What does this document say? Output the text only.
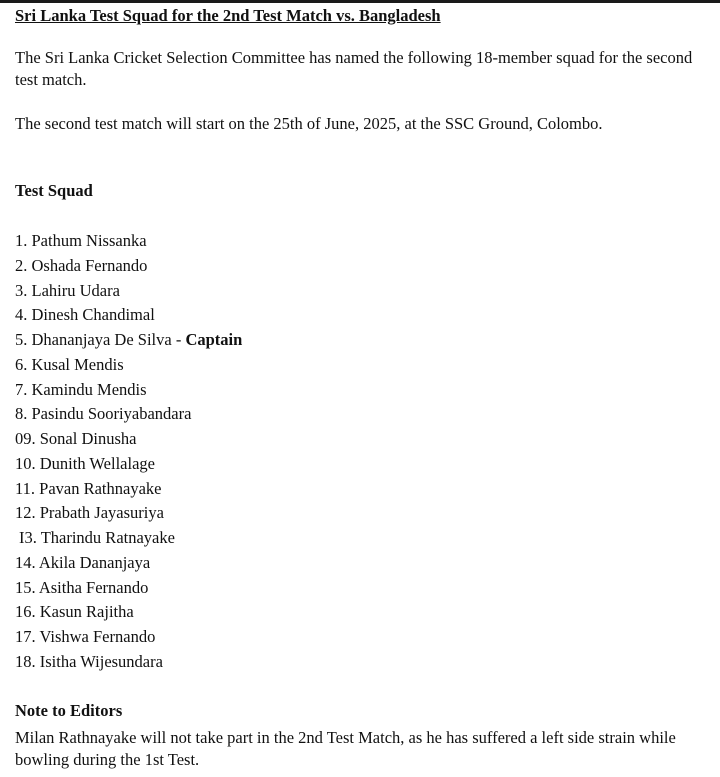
Sri Lanka Test Squad for the 2nd Test Match vs. Bangladesh

The Sri Lanka Cricket Selection Committee has named the following 18-member squad for the second test match.

The second test match will start on the 25th of June, 2025, at the SSC Ground, Colombo.

Test Squad
1. Pathum Nissanka
2. Oshada Fernando
3. Lahiru Udara
4. Dinesh Chandimal
5. Dhananjaya De Silva - Captain
6. Kusal Mendis
7. Kamindu Mendis
8. Pasindu Sooriyabandara
09. Sonal Dinusha
10. Dunith Wellalage
11. Pavan Rathnayake
12. Prabath Jayasuriya
I3. Tharindu Ratnayake
14. Akila Dananjaya
15. Asitha Fernando
16. Kasun Rajitha
17. Vishwa Fernando
18. Isitha Wijesundara
Note to Editors

Milan Rathnayake will not take part in the 2nd Test Match, as he has suffered a left side strain while bowling during the 1st Test.
